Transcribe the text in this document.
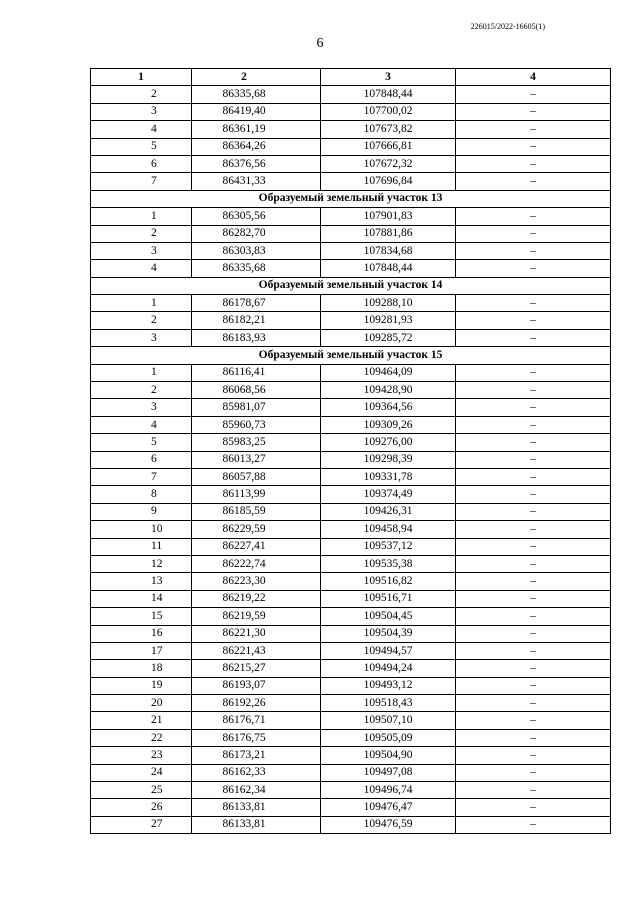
226015/2022-16605(1)
6
1	2	3	4
2	86335,68	107848,44	–
3	86419,40	107700,02	–
4	86361,19	107673,82	–
5	86364,26	107666,81	–
6	86376,56	107672,32	–
7	86431,33	107696,84	–
Образуемый земельный участок 13			
1	86305,56	107901,83	–
2	86282,70	107881,86	–
3	86303,83	107834,68	–
4	86335,68	107848,44	–
Образуемый земельный участок 14			
1	86178,67	109288,10	–
2	86182,21	109281,93	–
3	86183,93	109285,72	–
Образуемый земельный участок 15			
1	86116,41	109464,09	–
2	86068,56	109428,90	–
3	85981,07	109364,56	–
4	85960,73	109309,26	–
5	85983,25	109276,00	–
6	86013,27	109298,39	–
7	86057,88	109331,78	–
8	86113,99	109374,49	–
9	86185,59	109426,31	–
10	86229,59	109458,94	–
11	86227,41	109537,12	–
12	86222,74	109535,38	–
13	86223,30	109516,82	–
14	86219,22	109516,71	–
15	86219,59	109504,45	–
16	86221,30	109504,39	–
17	86221,43	109494,57	–
18	86215,27	109494,24	–
19	86193,07	109493,12	–
20	86192,26	109518,43	–
21	86176,71	109507,10	–
22	86176,75	109505,09	–
23	86173,21	109504,90	–
24	86162,33	109497,08	–
25	86162,34	109496,74	–
26	86133,81	109476,47	–
27	86133,81	109476,59	–
